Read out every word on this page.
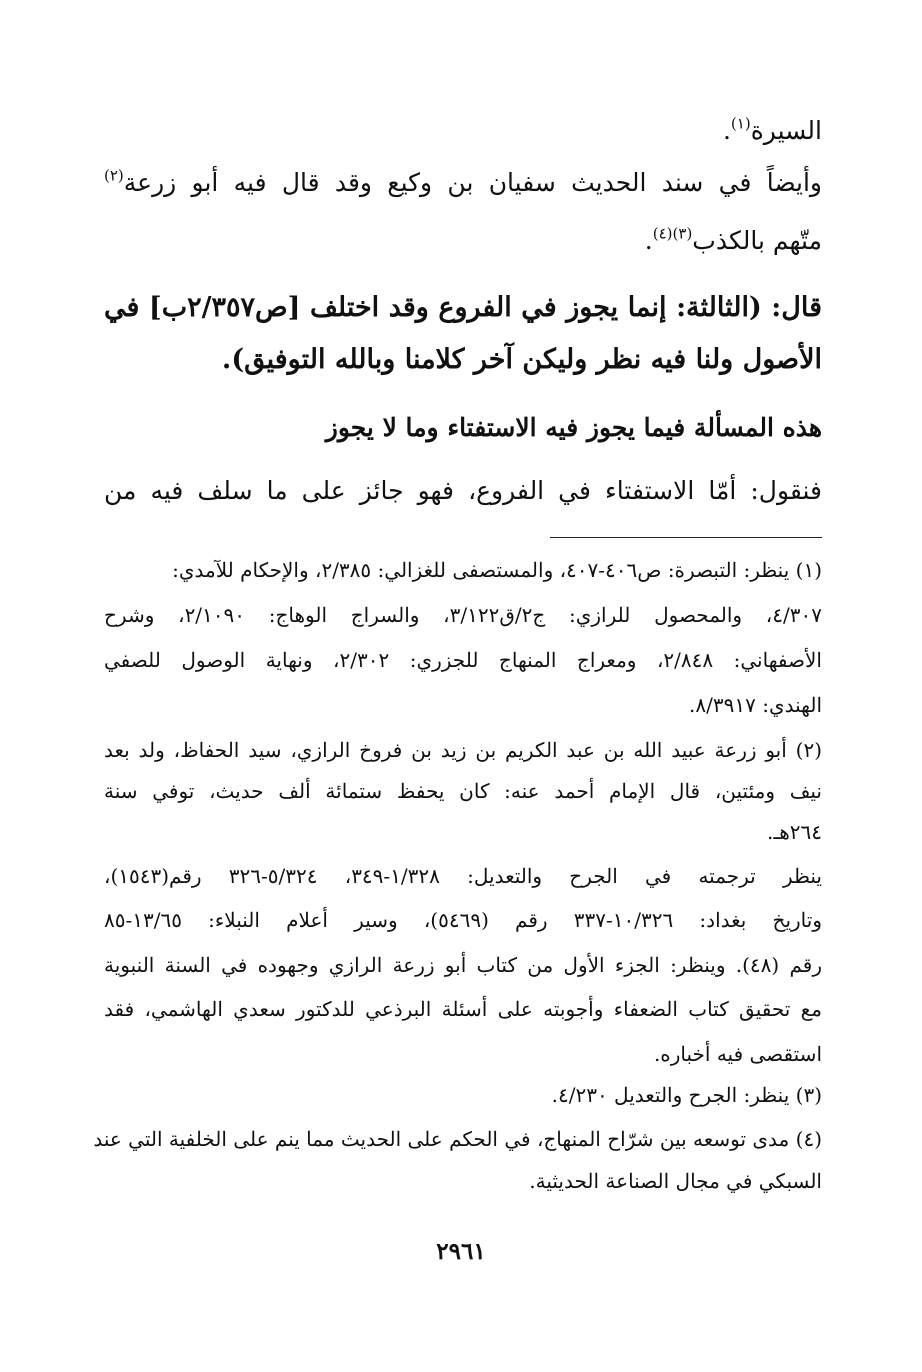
السيرة$^{(١)}$.
وأيضاً في سند الحديث سفيان بن وكيع وقد قال فيه أبو زرعة$^{(٢)}$
متّهم بالكذب$^{(٣)(٤)}$.
قال: (الثالثة: إنما يجوز في الفروع وقد اختلف [ص٢/٣٥٧ب] في
الأصول ولنا فيه نظر وليكن آخر كلامنا وبالله التوفيق).
هذه المسألة فيما يجوز فيه الاستفتاء وما لا يجوز
فنقول: أمّا الاستفتاء في الفروع، فهو جائز على ما سلف فيه من
(١) ينظر: التبصرة: ص٤٠٦-٤٠٧، والمستصفى للغزالي: ٢/٣٨٥، والإحكام للآمدي:
٤/٣٠٧، والمحصول للرازي: ج٢/ق٣/١٢٢، والسراج الوهاج: ٢/١٠٩٠، وشرح
الأصفهاني: ٢/٨٤٨، ومعراج المنهاج للجزري: ٢/٣٠٢، ونهاية الوصول للصفي
الهندي: ٨/٣٩١٧.
(٢) أبو زرعة عبيد الله بن عبد الكريم بن زيد بن فروخ الرازي، سيد الحفاظ، ولد بعد
نيف ومئتين، قال الإمام أحمد عنه: كان يحفظ ستمائة ألف حديث، توفي سنة
٢٦٤هـ.
ينظر ترجمته في الجرح والتعديل: ١/٣٢٨-٣٤٩، ٥/٣٢٤-٣٢٦ رقم(١٥٤٣)،
وتاريخ بغداد: ١٠/٣٢٦-٣٣٧ رقم (٥٤٦٩)، وسير أعلام النبلاء: ١٣/٦٥-٨٥
رقم (٤٨). وينظر: الجزء الأول من كتاب أبو زرعة الرازي وجهوده في السنة النبوية
مع تحقيق كتاب الضعفاء وأجوبته على أسئلة البرذعي للدكتور سعدي الهاشمي، فقد
استقصى فيه أخباره.
(٣) ينظر: الجرح والتعديل ٤/٢٣٠.
(٤) مدى توسعه بين شرّاح المنهاج، في الحكم على الحديث مما ينم على الخلفية التي عند
السبكي في مجال الصناعة الحديثية.
٢٩٦١
